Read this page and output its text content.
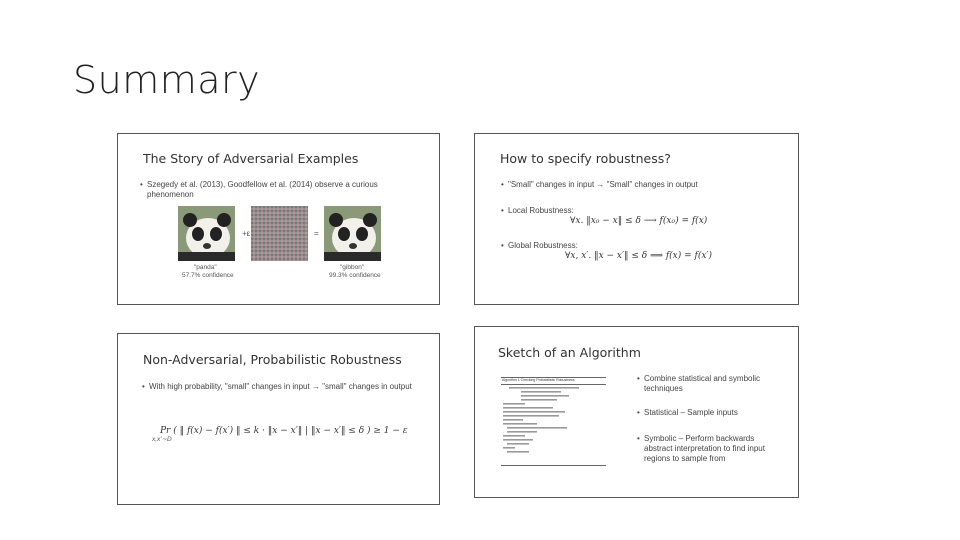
Summary
The Story of Adversarial Examples
• Szegedy et al. (2013), Goodfellow et al. (2014) observe a curious phenomenon
+ε	=
"panda"
57.7% confidence
"gibbon"
99.3% confidence
How to specify robustness?
• "Small" changes in input → "Small" changes in output
• Local Robustness:
∀x. ‖x₀ − x‖ ≤ δ ⟶ f(x₀) = f(x)
• Global Robustness:
∀x, x′. ‖x − x′‖ ≤ δ ⟹ f(x) = f(x′)
Non-Adversarial, Probabilistic Robustness
• With high probability, "small" changes in input → "small" changes in output
Pr ( ‖ f(x) − f(x′) ‖ ≤ k · ‖x − x′‖ | ‖x − x′‖ ≤ δ ) ≥ 1 − ε
x,x′∼D
Sketch of an Algorithm
Algorithm 1 Checking Probabilistic Robustness
•	Combine statistical and symbolic techniques
• Statistical – Sample inputs
• Symbolic – Perform backwards abstract interpretation to find input regions to sample from
